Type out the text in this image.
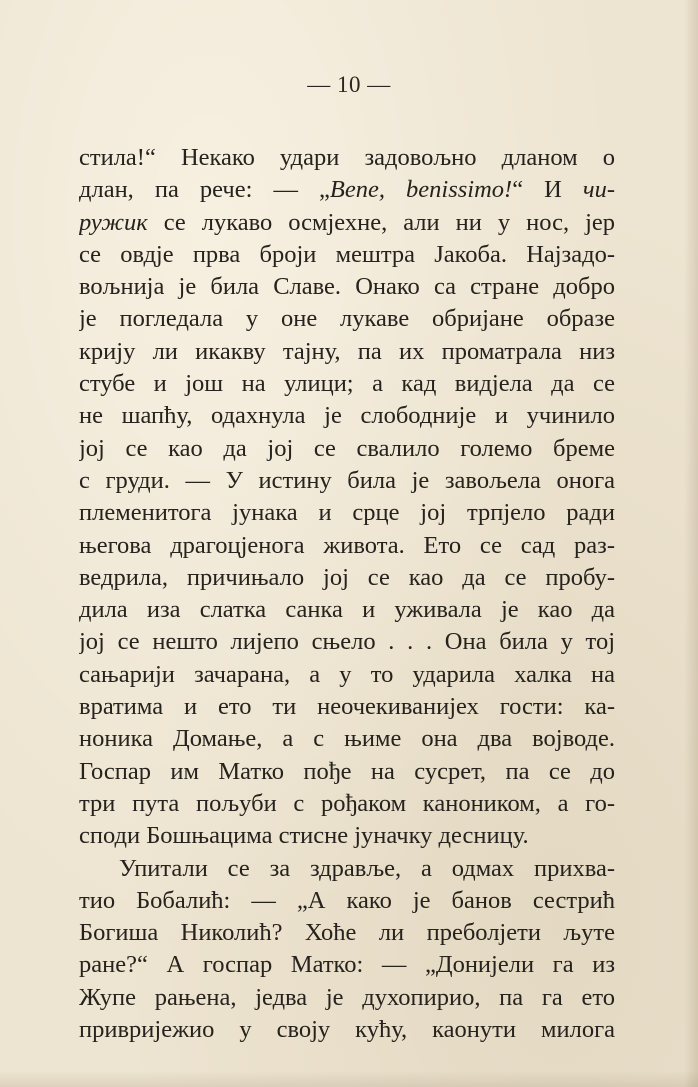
— 10 —
стила!“ Некако удари задовољно дланом о
длан, па рече: — „Bene, benissimo!“ И чи-
ружик се лукаво осмјехне, али ни у нос, јер
се овдје прва броји мештра Јакоба. Најзадо-
вољнија је била Славе. Онако са стране добро
је погледала у оне лукаве обријане образе
крију ли икакву тајну, па их проматрала низ
стубе и још на улици; а кад видјела да се
не шапћу, одахнула је слободније и учинило
јој се као да јој се свалило големо бреме
с груди. — У истину била је завољела онога
племенитога јунака и срце јој трпјело ради
његова драгоцјенога живота. Ето се сад раз-
ведрила, причињало јој се као да се пробу-
дила иза слатка санка и уживала је као да
јој се нешто лијепо сњело . . . Она била у тој
сањарији зачарана, а у то ударила халка на
вратима и ето ти неочекиванијех гости: ка-
ноника Домање, а с њиме она два војводе.
Госпар им Матко пође на сусрет, па се до
три пута пољуби с рођаком каноником, а го-
споди Бошњацима стисне јуначку десницу.
Упитали се за здравље, а одмах прихва-
тио Бобалић: — „А како је банов сестрић
Богиша Николић? Хоће ли преболјети љуте
ране?“ А госпар Матко: — „Донијели га из
Жупе рањена, једва је духопирио, па га ето
привријежио у своју кућу, каонути милога
